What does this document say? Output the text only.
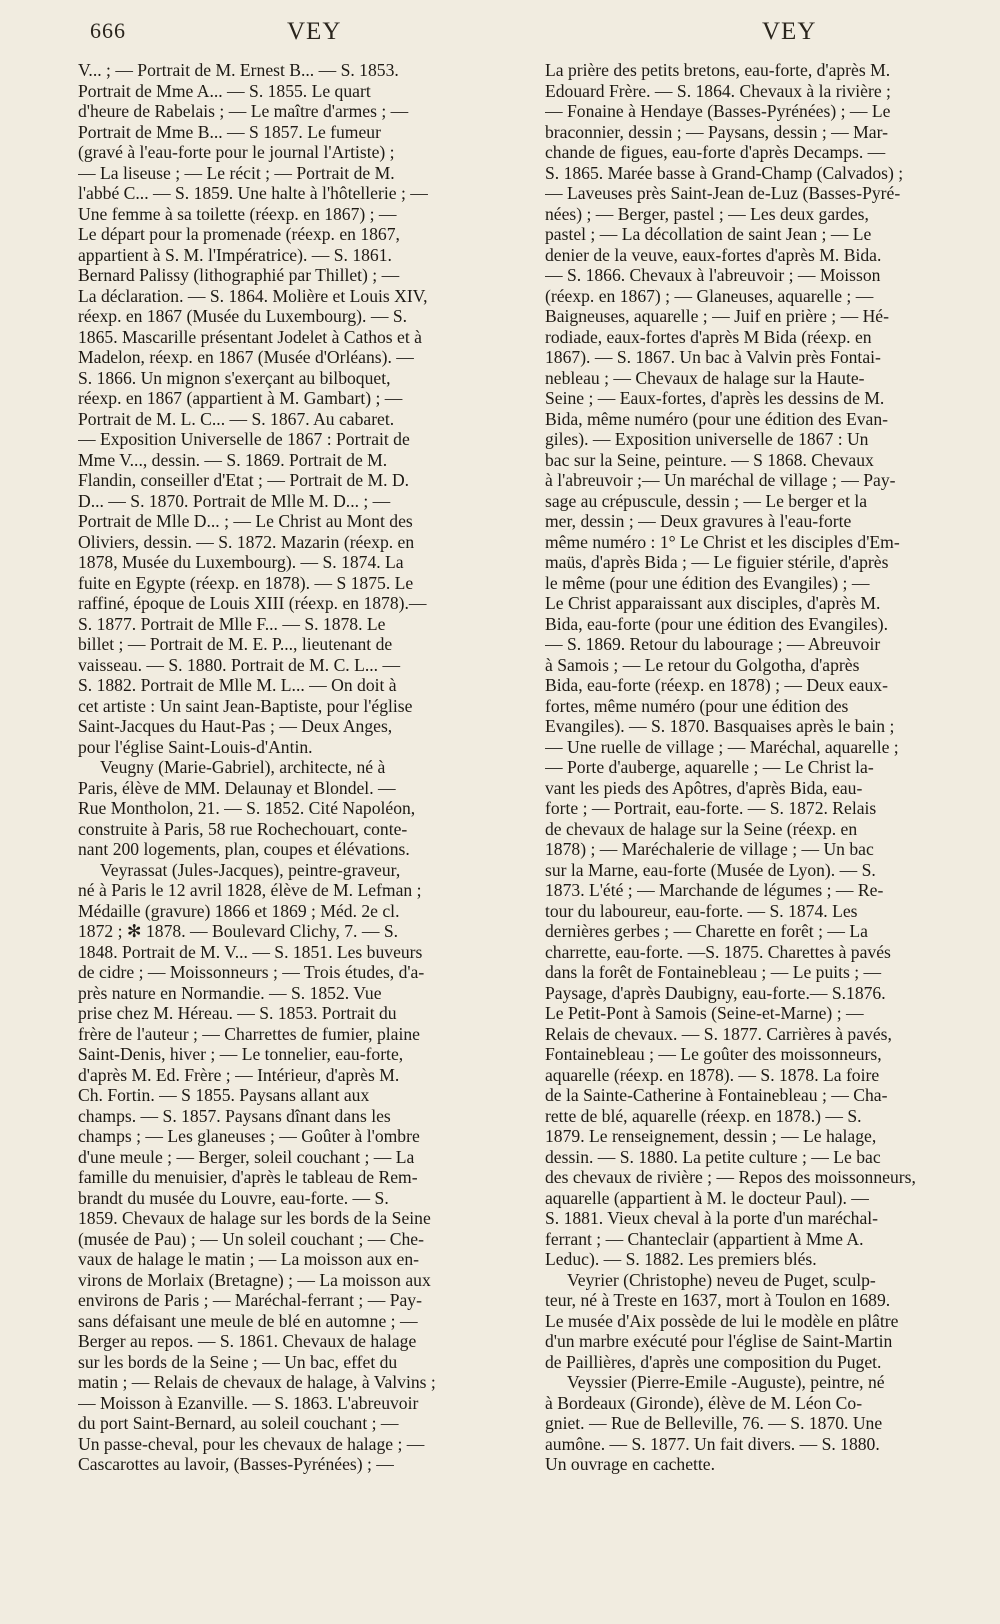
666	VEY	VEY
V... ; — Portrait de M. Ernest B... — S. 1853.
Portrait de Mme A... — S. 1855. Le quart
d'heure de Rabelais ; — Le maître d'armes ; —
Portrait de Mme B... — S 1857. Le fumeur
(gravé à l'eau-forte pour le journal l'Artiste) ;
— La liseuse ; — Le récit ; — Portrait de M.
l'abbé C... — S. 1859. Une halte à l'hôtellerie ; —
Une femme à sa toilette (réexp. en 1867) ; —
Le départ pour la promenade (réexp. en 1867,
appartient à S. M. l'Impératrice). — S. 1861.
Bernard Palissy (lithographié par Thillet) ; —
La déclaration. — S. 1864. Molière et Louis XIV,
réexp. en 1867 (Musée du Luxembourg). — S.
1865. Mascarille présentant Jodelet à Cathos et à
Madelon, réexp. en 1867 (Musée d'Orléans). —
S. 1866. Un mignon s'exerçant au bilboquet,
réexp. en 1867 (appartient à M. Gambart) ; —
Portrait de M. L. C... — S. 1867. Au cabaret.
— Exposition Universelle de 1867 : Portrait de
Mme V..., dessin. — S. 1869. Portrait de M.
Flandin, conseiller d'Etat ; — Portrait de M. D.
D... — S. 1870. Portrait de Mlle M. D... ; —
Portrait de Mlle D... ; — Le Christ au Mont des
Oliviers, dessin. — S. 1872. Mazarin (réexp. en
1878, Musée du Luxembourg). — S. 1874. La
fuite en Egypte (réexp. en 1878). — S 1875. Le
raffiné, époque de Louis XIII (réexp. en 1878).—
S. 1877. Portrait de Mlle F... — S. 1878. Le
billet ; — Portrait de M. E. P..., lieutenant de
vaisseau. — S. 1880. Portrait de M. C. L... —
S. 1882. Portrait de Mlle M. L... — On doit à
cet artiste : Un saint Jean-Baptiste, pour l'église
Saint-Jacques du Haut-Pas ; — Deux Anges,
pour l'église Saint-Louis-d'Antin.
Veugny (Marie-Gabriel), architecte, né à
Paris, élève de MM. Delaunay et Blondel. —
Rue Montholon, 21. — S. 1852. Cité Napoléon,
construite à Paris, 58 rue Rochechouart, conte-
nant 200 logements, plan, coupes et élévations.
Veyrassat (Jules-Jacques), peintre-graveur,
né à Paris le 12 avril 1828, élève de M. Lefman ;
Médaille (gravure) 1866 et 1869 ; Méd. 2e cl.
1872 ; ✻ 1878. — Boulevard Clichy, 7. — S.
1848. Portrait de M. V... — S. 1851. Les buveurs
de cidre ; — Moissonneurs ; — Trois études, d'a-
près nature en Normandie. — S. 1852. Vue
prise chez M. Héreau. — S. 1853. Portrait du
frère de l'auteur ; — Charrettes de fumier, plaine
Saint-Denis, hiver ; — Le tonnelier, eau-forte,
d'après M. Ed. Frère ; — Intérieur, d'après M.
Ch. Fortin. — S 1855. Paysans allant aux
champs. — S. 1857. Paysans dînant dans les
champs ; — Les glaneuses ; — Goûter à l'ombre
d'une meule ; — Berger, soleil couchant ; — La
famille du menuisier, d'après le tableau de Rem-
brandt du musée du Louvre, eau-forte. — S.
1859. Chevaux de halage sur les bords de la Seine
(musée de Pau) ; — Un soleil couchant ; — Che-
vaux de halage le matin ; — La moisson aux en-
virons de Morlaix (Bretagne) ; — La moisson aux
environs de Paris ; — Maréchal-ferrant ; — Pay-
sans défaisant une meule de blé en automne ; —
Berger au repos. — S. 1861. Chevaux de halage
sur les bords de la Seine ; — Un bac, effet du
matin ; — Relais de chevaux de halage, à Valvins ;
— Moisson à Ezanville. — S. 1863. L'abreuvoir
du port Saint-Bernard, au soleil couchant ; —
Un passe-cheval, pour les chevaux de halage ; —
Cascarottes au lavoir, (Basses-Pyrénées) ; —
La prière des petits bretons, eau-forte, d'après M.
Edouard Frère. — S. 1864. Chevaux à la rivière ;
— Fonaine à Hendaye (Basses-Pyrénées) ; — Le
braconnier, dessin ; — Paysans, dessin ; — Mar-
chande de figues, eau-forte d'après Decamps. —
S. 1865. Marée basse à Grand-Champ (Calvados) ;
— Laveuses près Saint-Jean de-Luz (Basses-Pyré-
nées) ; — Berger, pastel ; — Les deux gardes,
pastel ; — La décollation de saint Jean ; — Le
denier de la veuve, eaux-fortes d'après M. Bida.
— S. 1866. Chevaux à l'abreuvoir ; — Moisson
(réexp. en 1867) ; — Glaneuses, aquarelle ; —
Baigneuses, aquarelle ; — Juif en prière ; — Hé-
rodiade, eaux-fortes d'après M Bida (réexp. en
1867). — S. 1867. Un bac à Valvin près Fontai-
nebleau ; — Chevaux de halage sur la Haute-
Seine ; — Eaux-fortes, d'après les dessins de M.
Bida, même numéro (pour une édition des Evan-
giles). — Exposition universelle de 1867 : Un
bac sur la Seine, peinture. — S 1868. Chevaux
à l'abreuvoir ;— Un maréchal de village ; — Pay-
sage au crépuscule, dessin ; — Le berger et la
mer, dessin ; — Deux gravures à l'eau-forte
même numéro : 1° Le Christ et les disciples d'Em-
maüs, d'après Bida ; — Le figuier stérile, d'après
le même (pour une édition des Evangiles) ; —
Le Christ apparaissant aux disciples, d'après M.
Bida, eau-forte (pour une édition des Evangiles).
— S. 1869. Retour du labourage ; — Abreuvoir
à Samois ; — Le retour du Golgotha, d'après
Bida, eau-forte (réexp. en 1878) ; — Deux eaux-
fortes, même numéro (pour une édition des
Evangiles). — S. 1870. Basquaises après le bain ;
— Une ruelle de village ; — Maréchal, aquarelle ;
— Porte d'auberge, aquarelle ; — Le Christ la-
vant les pieds des Apôtres, d'après Bida, eau-
forte ; — Portrait, eau-forte. — S. 1872. Relais
de chevaux de halage sur la Seine (réexp. en
1878) ; — Maréchalerie de village ; — Un bac
sur la Marne, eau-forte (Musée de Lyon). — S.
1873. L'été ; — Marchande de légumes ; — Re-
tour du laboureur, eau-forte. — S. 1874. Les
dernières gerbes ; — Charette en forêt ; — La
charrette, eau-forte. —S. 1875. Charettes à pavés
dans la forêt de Fontainebleau ; — Le puits ; —
Paysage, d'après Daubigny, eau-forte.— S.1876.
Le Petit-Pont à Samois (Seine-et-Marne) ; —
Relais de chevaux. — S. 1877. Carrières à pavés,
Fontainebleau ; — Le goûter des moissonneurs,
aquarelle (réexp. en 1878). — S. 1878. La foire
de la Sainte-Catherine à Fontainebleau ; — Cha-
rette de blé, aquarelle (réexp. en 1878.) — S.
1879. Le renseignement, dessin ; — Le halage,
dessin. — S. 1880. La petite culture ; — Le bac
des chevaux de rivière ; — Repos des moissonneurs,
aquarelle (appartient à M. le docteur Paul). —
S. 1881. Vieux cheval à la porte d'un maréchal-
ferrant ; — Chanteclair (appartient à Mme A.
Leduc). — S. 1882. Les premiers blés.
Veyrier (Christophe) neveu de Puget, sculp-
teur, né à Treste en 1637, mort à Toulon en 1689.
Le musée d'Aix possède de lui le modèle en plâtre
d'un marbre exécuté pour l'église de Saint-Martin
de Paillières, d'après une composition du Puget.
Veyssier (Pierre-Emile -Auguste), peintre, né
à Bordeaux (Gironde), élève de M. Léon Co-
gniet. — Rue de Belleville, 76. — S. 1870. Une
aumône. — S. 1877. Un fait divers. — S. 1880.
Un ouvrage en cachette.
